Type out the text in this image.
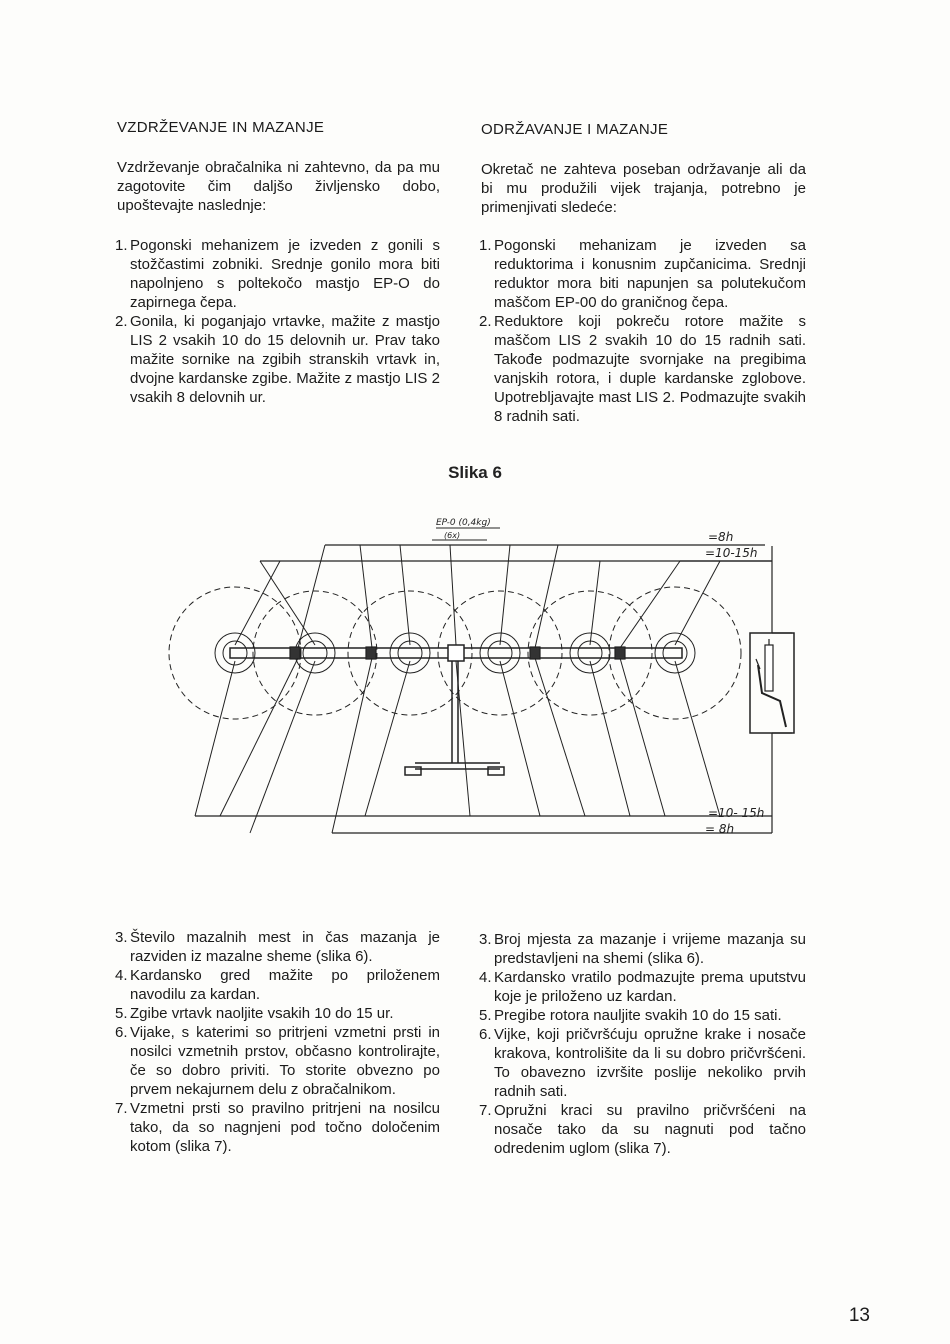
VZDRŽEVANJE IN MAZANJE

Vzdrževanje obračalnika ni zahtevno, da pa mu zagotovite čim daljšo življensko dobo, upoštevajte naslednje:

1. Pogonski mehanizem je izveden z gonili s stožčastimi zobniki. Srednje gonilo mora biti napolnjeno s poltekočo mastjo EP-O do zapirnega čepa.
2. Gonila, ki poganjajo vrtavke, mažite z mastjo LIS 2 vsakih 10 do 15 delovnih ur. Prav tako mažite sornike na zgibih stranskih vrtavk in, dvojne kardanske zgibe. Mažite z mastjo LIS 2 vsakih 8 delovnih ur.

ODRŽAVANJE I MAZANJE

Okretač ne zahteva poseban održavanje ali da bi mu produžili vijek trajanja, potrebno je primenjivati sledeće:

1. Pogonski mehanizam je izveden sa reduktorima i konusnim zupčanicima. Srednji reduktor mora biti napunjen sa polutekučom maščom EP-00 do graničnog čepa.
2. Reduktore koji pokreču rotore mažite s maščom LIS 2 svakih 10 do 15 radnih sati. Takođe podmazujte svornjake na pregibima vanjskih rotora, i duple kardanske zglobove. Upotrebljavajte mast LIS 2. Podmazujte svakih 8 radnih sati.
Slika 6
EP-0 (0,4kg)
(6x)	=8h
=10-15h
=10- 15h
= 8h
3. Število mazalnih mest in čas mazanja je razviden iz mazalne sheme (slika 6).
4. Kardansko gred mažite po priloženem navodilu za kardan.
5. Zgibe vrtavk naoljite vsakih 10 do 15 ur.
6. Vijake, s katerimi so pritrjeni vzmetni prsti in nosilci vzmetnih prstov, občasno kontrolirajte, če so dobro priviti. To storite obvezno po prvem nekajurnem delu z obračalnikom.
7. Vzmetni prsti so pravilno pritrjeni na nosilcu tako, da so nagnjeni pod točno določenim kotom (slika 7).
3. Broj mjesta za mazanje i vrijeme mazanja su predstavljeni na shemi (slika 6).
4. Kardansko vratilo podmazujte prema uputstvu koje je priloženo uz kardan.
5. Pregibe rotora nauljite svakih 10 do 15 sati.
6. Vijke, koji pričvršćuju opružne krake i nosače krakova, kontrolišite da li su dobro pričvršćeni. To obavezno izvršite poslije nekoliko prvih radnih sati.
7. Opružni kraci su pravilno pričvršćeni na nosače tako da su nagnuti pod tačno odredenim uglom (slika 7).
13
